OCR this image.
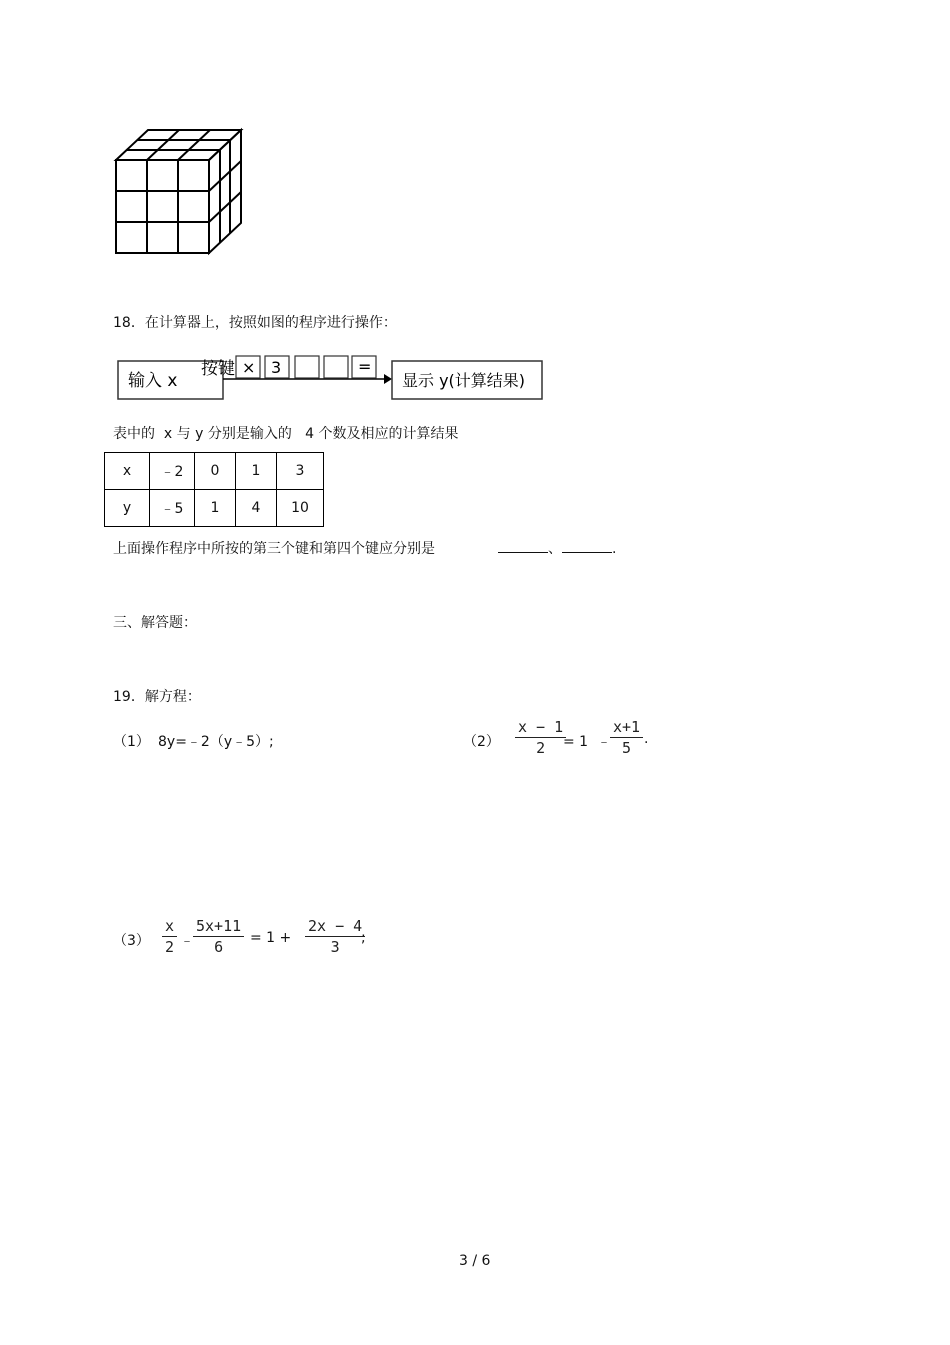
18．在计算器上，按照如图的程序进行操作：
输入 x
按键 × 3	=
显示 y(计算结果)
表中的  x 与 y 分别是输入的   4 个数及相应的计算结果
x	﹣2	0	1	3
y	﹣5	1	4	10
上面操作程序中所按的第三个键和第四个键应分别是	、	.
三、解答题：
19．解方程：
（1） 8y=﹣2（y﹣5）;	$(2) \frac{x - 1}{2}$
= 1  ﹣ $\frac{x+1}{5}$ .
$(3) \frac{x}{2}$ ﹣ $\frac{5x+11}{6} = 1 + \frac{2x - 4}{3}$
;
3 / 6
